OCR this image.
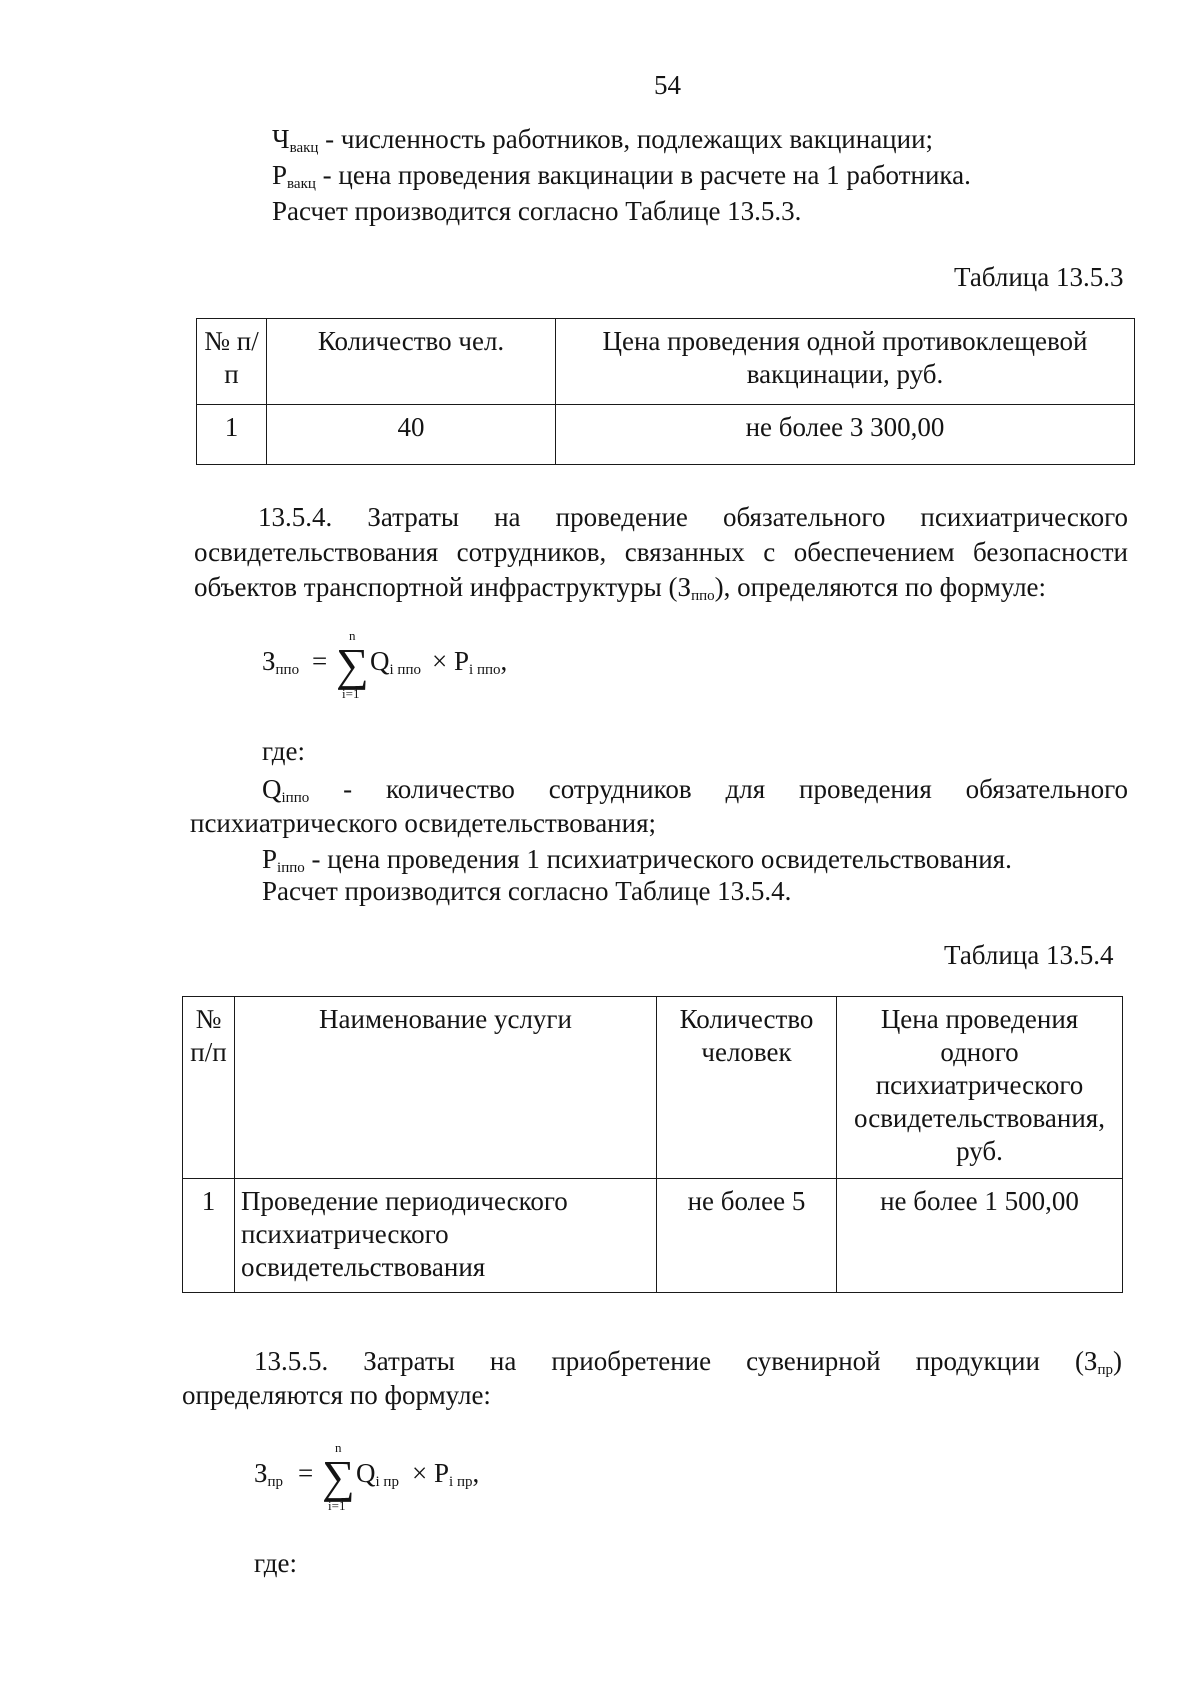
54
$Ч_{вакц}$ - численность работников, подлежащих вакцинации;
$Р_{вакц}$ - цена проведения вакцинации в расчете на 1 работника.
Расчет производится согласно Таблице 13.5.3.
Таблица 13.5.3
№ п/п	Количество чел.	Цена проведения одной противоклещевой вакцинации, руб.
1	40	не более 3 300,00
13.5.4. Затраты на проведение обязательного психиатрического
освидетельствования сотрудников, связанных с обеспечением безопасности
объектов транспортной инфраструктуры $(З_{ппо})$, определяются по формуле:
$З_{ппо}$ =
n
∑
i=1
$Q_{i ппо} \times P_{i ппо}$,
где:
$Q_{iппо}$ - количество сотрудников для проведения обязательного
психиатрического освидетельствования;
$P_{iппо}$ - цена проведения 1 психиатрического освидетельствования.
Расчет производится согласно Таблице 13.5.4.
Таблица 13.5.4
№ п/п	Наименование услуги	Количество человек	Цена проведения одного психиатрического освидетельствования, руб.
1	Проведение периодического психиатрического освидетельствования	не более 5	не более 1 500,00
13.5.5. Затраты на приобретение сувенирной продукции $(З_{пр})$
определяются по формуле:
$З_{пр}$ =
n
∑
i=1
$Q_{i пр} \times P_{i пр}$,
где:
